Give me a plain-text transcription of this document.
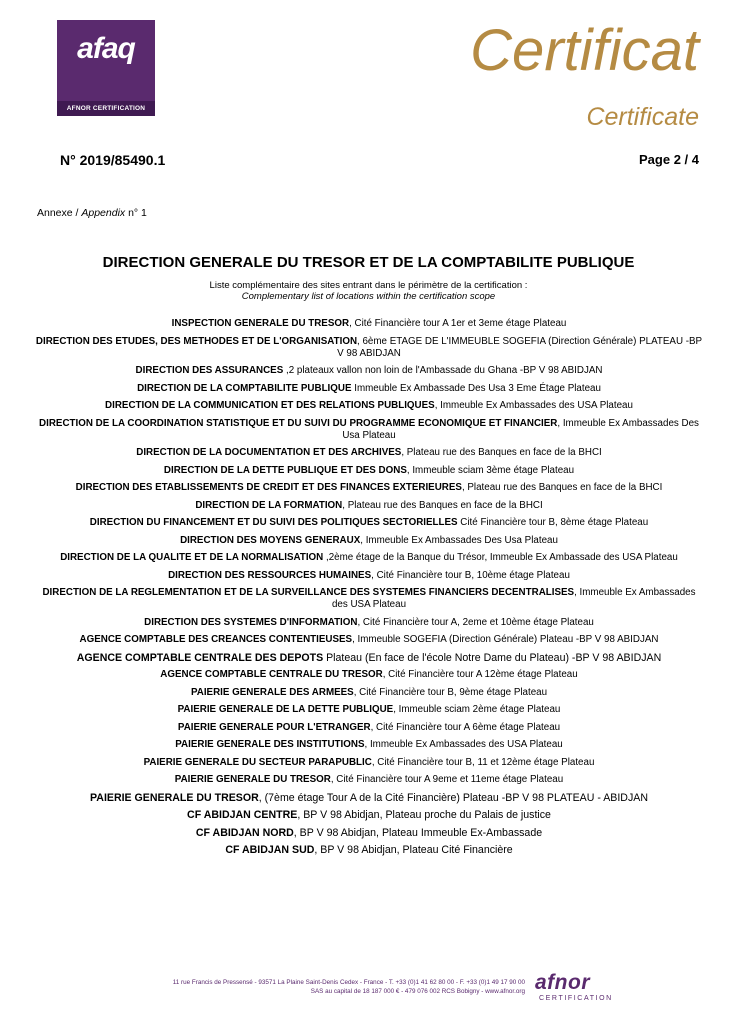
afaq
AFNOR CERTIFICATION
Certificat
Certificate
N° 2019/85490.1	Page 2 / 4
Annexe / Appendix n° 1
DIRECTION GENERALE DU TRESOR ET DE LA COMPTABILITE PUBLIQUE
Liste complémentaire des sites entrant dans le périmètre de la certification :
Complementary list of locations within the certification scope
INSPECTION GENERALE DU TRESOR, Cité Financière tour A 1er et 3eme étage Plateau
DIRECTION DES ETUDES, DES METHODES ET DE L'ORGANISATION, 6ème ETAGE DE L'IMMEUBLE SOGEFIA (Direction Générale) PLATEAU -BP V 98 ABIDJAN
DIRECTION DES ASSURANCES ,2 plateaux vallon non loin de l'Ambassade du Ghana -BP V 98 ABIDJAN
DIRECTION DE LA COMPTABILITE PUBLIQUE Immeuble Ex Ambassade Des Usa 3 Eme Étage Plateau
DIRECTION DE LA COMMUNICATION ET DES RELATIONS PUBLIQUES, Immeuble Ex Ambassades des USA Plateau
DIRECTION DE LA COORDINATION STATISTIQUE ET DU SUIVI DU PROGRAMME ECONOMIQUE ET FINANCIER, Immeuble Ex Ambassades Des Usa Plateau
DIRECTION DE LA DOCUMENTATION ET DES ARCHIVES, Plateau rue des Banques en face de la BHCI
DIRECTION DE LA DETTE PUBLIQUE ET DES DONS, Immeuble sciam 3ème étage Plateau
DIRECTION DES ETABLISSEMENTS DE CREDIT ET DES FINANCES EXTERIEURES, Plateau rue des Banques en face de la BHCI
DIRECTION DE LA FORMATION, Plateau rue des Banques en face de la BHCI
DIRECTION DU FINANCEMENT ET DU SUIVI DES POLITIQUES SECTORIELLES Cité Financière tour B, 8ème étage Plateau
DIRECTION DES MOYENS GENERAUX, Immeuble Ex Ambassades Des Usa Plateau
DIRECTION DE LA QUALITE ET DE LA NORMALISATION ,2ème étage de la Banque du Trésor, Immeuble Ex Ambassade des USA Plateau
DIRECTION DES RESSOURCES HUMAINES, Cité Financière tour B, 10ème étage Plateau
DIRECTION DE LA REGLEMENTATION ET DE LA SURVEILLANCE DES SYSTEMES FINANCIERS DECENTRALISES, Immeuble Ex Ambassades des USA Plateau
DIRECTION DES SYSTEMES D'INFORMATION, Cité Financière tour A, 2eme et 10ème étage Plateau
AGENCE COMPTABLE DES CREANCES CONTENTIEUSES, Immeuble SOGEFIA (Direction Générale) Plateau -BP V 98 ABIDJAN
AGENCE COMPTABLE CENTRALE DES DEPOTS Plateau (En face de l'école Notre Dame du Plateau) -BP V 98 ABIDJAN
AGENCE COMPTABLE CENTRALE DU TRESOR, Cité Financière tour A 12ème étage Plateau
PAIERIE GENERALE DES ARMEES, Cité Financière tour B, 9ème étage Plateau
PAIERIE GENERALE DE LA DETTE PUBLIQUE, Immeuble sciam 2ème étage Plateau
PAIERIE GENERALE POUR L'ETRANGER, Cité Financière tour A 6ème étage Plateau
PAIERIE GENERALE DES INSTITUTIONS, Immeuble Ex Ambassades des USA Plateau
PAIERIE GENERALE DU SECTEUR PARAPUBLIC, Cité Financière tour B, 11 et 12ème étage Plateau
PAIERIE GENERALE DU TRESOR, Cité Financière tour A 9eme et 11eme étage Plateau
PAIERIE GENERALE DU TRESOR, (7ème étage Tour A de la Cité Financière) Plateau -BP V 98 PLATEAU - ABIDJAN
CF ABIDJAN CENTRE, BP V 98 Abidjan, Plateau proche du Palais de justice
CF ABIDJAN NORD, BP V 98 Abidjan, Plateau Immeuble Ex-Ambassade
CF ABIDJAN SUD, BP V 98 Abidjan, Plateau Cité Financière
11 rue Francis de Pressensé - 93571 La Plaine Saint-Denis Cedex - France - T. +33 (0)1 41 62 80 00 - F. +33 (0)1 49 17 90 00
SAS au capital de 18 187 000 € - 479 076 002 RCS Bobigny - www.afnor.org afnor
CERTIFICATION
